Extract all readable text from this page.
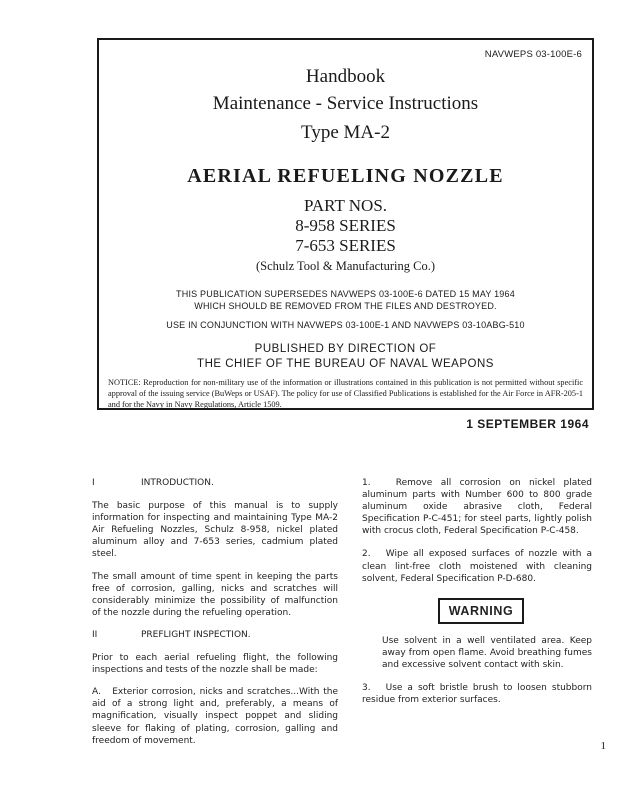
NAVWEPS 03-100E-6
Handbook
Maintenance - Service Instructions
Type MA-2
AERIAL REFUELING NOZZLE
PART NOS.
8-958 SERIES
7-653 SERIES
(Schulz Tool & Manufacturing Co.)
THIS PUBLICATION SUPERSEDES NAVWEPS 03-100E-6 DATED 15 MAY 1964
WHICH SHOULD BE REMOVED FROM THE FILES AND DESTROYED.
USE IN CONJUNCTION WITH NAVWEPS 03-100E-1 AND NAVWEPS 03-10ABG-510
PUBLISHED BY DIRECTION OF
THE CHIEF OF THE BUREAU OF NAVAL WEAPONS
NOTICE: Reproduction for non-military use of the information or illustrations contained in this publication is not permitted without specific approval of the issuing service (BuWeps or USAF). The policy for use of Classified Publications is established for the Air Force in AFR-205-1 and for the Navy in Navy Regulations, Article 1509.
1 SEPTEMBER 1964
I	INTRODUCTION.

The basic purpose of this manual is to supply information for inspecting and maintaining Type MA-2 Air Refueling Nozzles, Schulz 8-958, nickel plated aluminum alloy and 7-653 series, cadmium plated steel.

The small amount of time spent in keeping the parts free of corrosion, galling, nicks and scratches will considerably minimize the possibility of malfunction of the nozzle during the refueling operation.

II	PREFLIGHT INSPECTION.

Prior to each aerial refueling flight, the following inspections and tests of the nozzle shall be made:

A.   Exterior corrosion, nicks and scratches...With the aid of a strong light and, preferably, a means of magnification, visually inspect poppet and sliding sleeve for flaking of plating, corrosion, galling and freedom of movement.

1.   Remove all corrosion on nickel plated aluminum parts with Number 600 to 800 grade aluminum oxide abrasive cloth, Federal Specification P-C-451; for steel parts, lightly polish with crocus cloth, Federal Specification P-C-458.

2.   Wipe all exposed surfaces of nozzle with a clean lint-free cloth moistened with cleaning solvent, Federal Specification P-D-680.

WARNING

Use solvent in a well ventilated area. Keep away from open flame. Avoid breathing fumes and excessive solvent contact with skin.

3.   Use a soft bristle brush to loosen stubborn residue from exterior surfaces.

1
